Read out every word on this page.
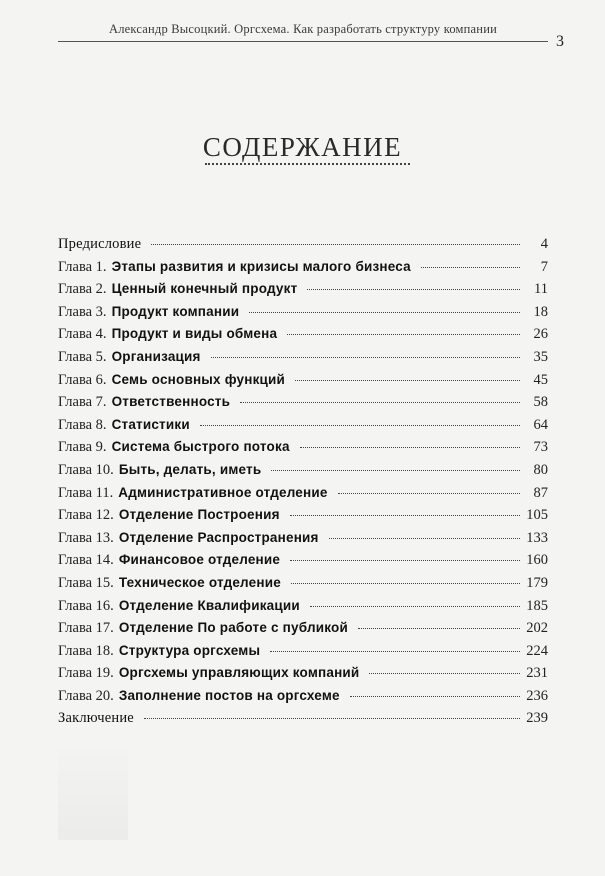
Александр Высоцкий. Оргсхема. Как разработать структуру компании
3
СОДЕРЖАНИЕ
Предисловие	4
Глава 1. Этапы развития и кризисы малого бизнеса	7
Глава 2. Ценный конечный продукт	11
Глава 3. Продукт компании	18
Глава 4. Продукт и виды обмена	26
Глава 5. Организация	35
Глава 6. Семь основных функций	45
Глава 7. Ответственность	58
Глава 8. Статистики	64
Глава 9. Система быстрого потока	73
Глава 10. Быть, делать, иметь	80
Глава 11. Административное отделение	87
Глава 12. Отделение Построения	105
Глава 13. Отделение Распространения	133
Глава 14. Финансовое отделение	160
Глава 15. Техническое отделение	179
Глава 16. Отделение Квалификации	185
Глава 17. Отделение По работе с публикой	202
Глава 18. Структура оргсхемы	224
Глава 19. Оргсхемы управляющих компаний	231
Глава 20. Заполнение постов на оргсхеме	236
Заключение	239
